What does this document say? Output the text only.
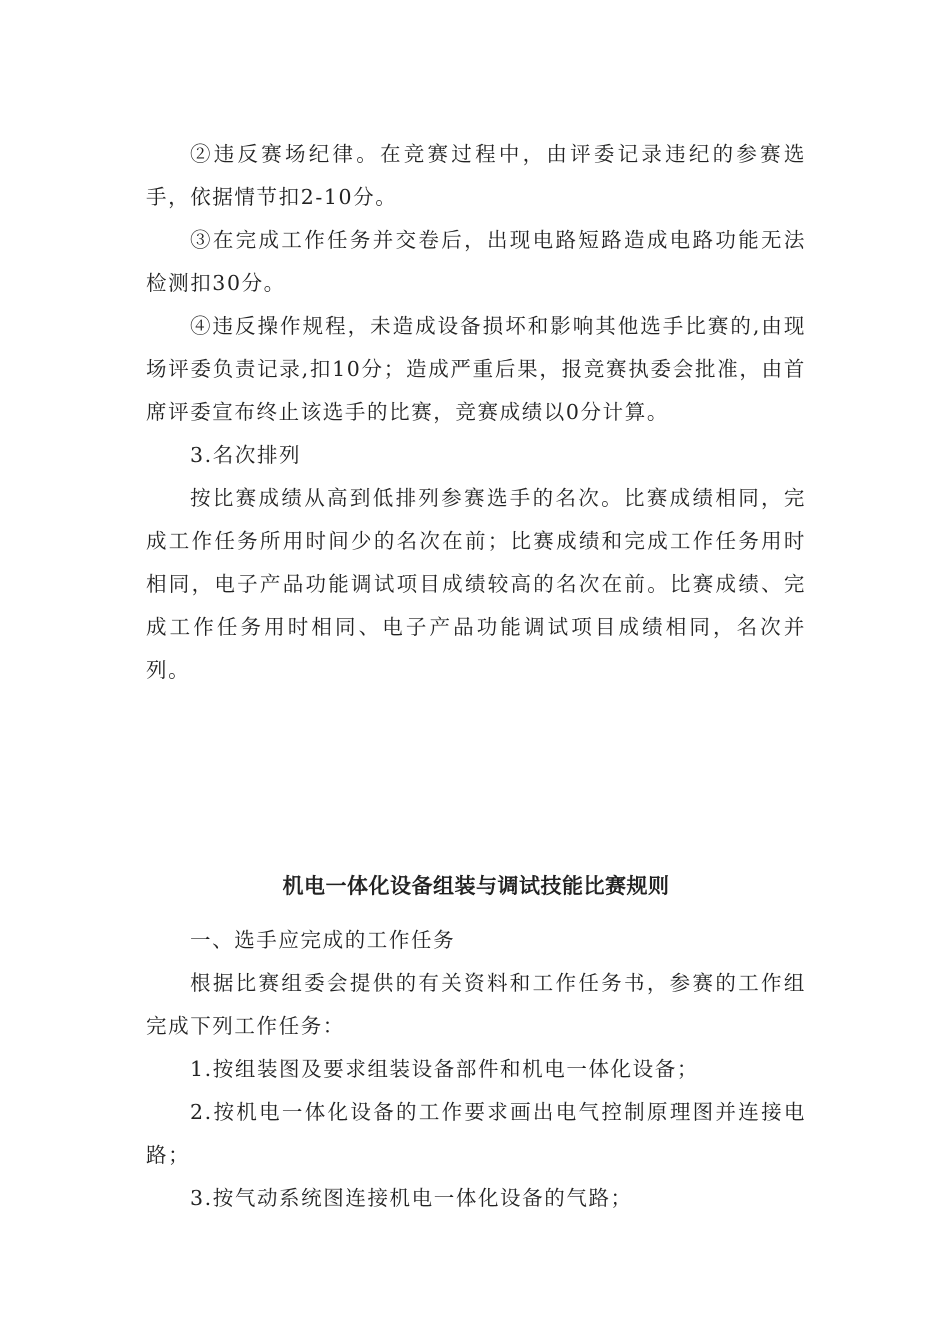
②违反赛场纪律。在竞赛过程中，由评委记录违纪的参赛选手，依据情节扣2-10分。

③在完成工作任务并交卷后，出现电路短路造成电路功能无法检测扣30分。

④违反操作规程，未造成设备损坏和影响其他选手比赛的,由现场评委负责记录,扣10分；造成严重后果，报竞赛执委会批准，由首席评委宣布终止该选手的比赛，竞赛成绩以0分计算。

3.名次排列

按比赛成绩从高到低排列参赛选手的名次。比赛成绩相同，完成工作任务所用时间少的名次在前；比赛成绩和完成工作任务用时相同，电子产品功能调试项目成绩较高的名次在前。比赛成绩、完成工作任务用时相同、电子产品功能调试项目成绩相同，名次并列。

机电一体化设备组装与调试技能比赛规则

一、选手应完成的工作任务

根据比赛组委会提供的有关资料和工作任务书，参赛的工作组完成下列工作任务：

1.按组装图及要求组装设备部件和机电一体化设备；

2.按机电一体化设备的工作要求画出电气控制原理图并连接电路；

3.按气动系统图连接机电一体化设备的气路；
